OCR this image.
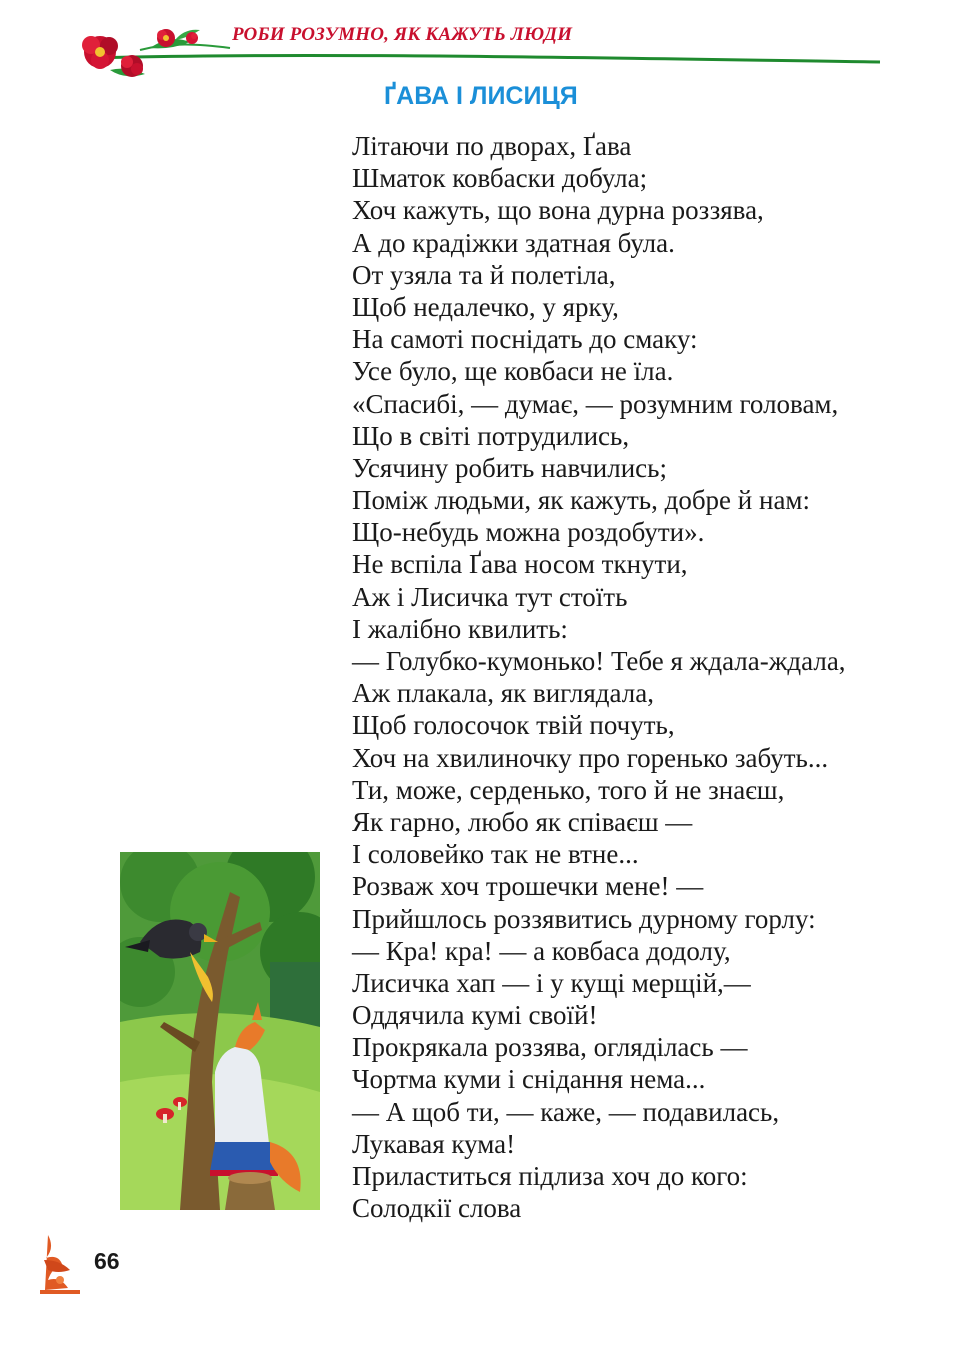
РОБИ РОЗУМНО, ЯК КАЖУТЬ ЛЮДИ
ҐАВА І ЛИСИЦЯ
Літаючи по дворах, Ґава
Шматок ковбаски добула;
Хоч кажуть, що вона дурна роззява,
А до крадіжки здатная була.
От узяла та й полетіла,
Щоб недалечко, у ярку,
На самоті поснідать до смаку:
Усе було, ще ковбаси не їла.
«Спасибі, — думає, — розумним головам,
Що в світі потрудились,
Усячину робить навчились;
Поміж людьми, як кажуть, добре й нам:
Що-небудь можна роздобути».
Не вспіла Ґава носом ткнути,
Аж і Лисичка тут стоїть
І жалібно квилить:
— Голубко-кумонько! Тебе я ждала-ждала,
Аж плакала, як виглядала,
Щоб голосочок твій почуть,
Хоч на хвилиночку про горенько забуть...
Ти, може, серденько, того й не знаєш,
Як гарно, любо як співаєш —
І соловейко так не втне...
Розваж хоч трошечки мене! —
Прийшлось роззявитись дурному горлу:
— Кра! кра! — а ковбаса додолу,
Лисичка хап — і у кущі мерщій,—
Оддячила кумі своїй!
Прокрякала роззява, огляділась —
Чортма куми і снідання нема...
— А щоб ти, — каже, — подавилась,
Лукавая кума!
Приластиться підлиза хоч до кого:
Солодкії слова
66
